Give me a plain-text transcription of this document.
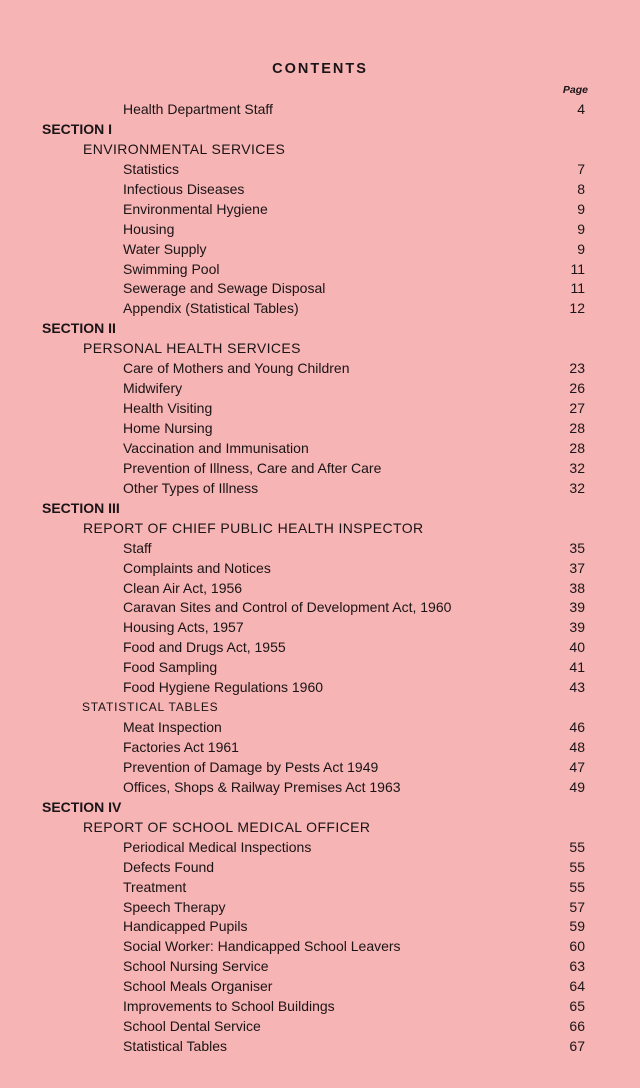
CONTENTS
Page
Health Department Staff	4
SECTION I
ENVIRONMENTAL SERVICES
Statistics	7
Infectious Diseases	8
Environmental Hygiene	9
Housing	9
Water Supply	9
Swimming Pool	11
Sewerage and Sewage Disposal	11
Appendix (Statistical Tables)	12
SECTION II
PERSONAL HEALTH SERVICES
Care of Mothers and Young Children	23
Midwifery	26
Health Visiting	27
Home Nursing	28
Vaccination and Immunisation	28
Prevention of Illness, Care and After Care	32
Other Types of Illness	32
SECTION III
REPORT OF CHIEF PUBLIC HEALTH INSPECTOR
Staff	35
Complaints and Notices	37
Clean Air Act, 1956	38
Caravan Sites and Control of Development Act, 1960	39
Housing Acts, 1957	39
Food and Drugs Act, 1955	40
Food Sampling	41
Food Hygiene Regulations 1960	43
STATISTICAL TABLES
Meat Inspection	46
Factories Act 1961	48
Prevention of Damage by Pests Act 1949	47
Offices, Shops & Railway Premises Act 1963	49
SECTION IV
REPORT OF SCHOOL MEDICAL OFFICER
Periodical Medical Inspections	55
Defects Found	55
Treatment	55
Speech Therapy	57
Handicapped Pupils	59
Social Worker: Handicapped School Leavers	60
School Nursing Service	63
School Meals Organiser	64
Improvements to School Buildings	65
School Dental Service	66
Statistical Tables	67
